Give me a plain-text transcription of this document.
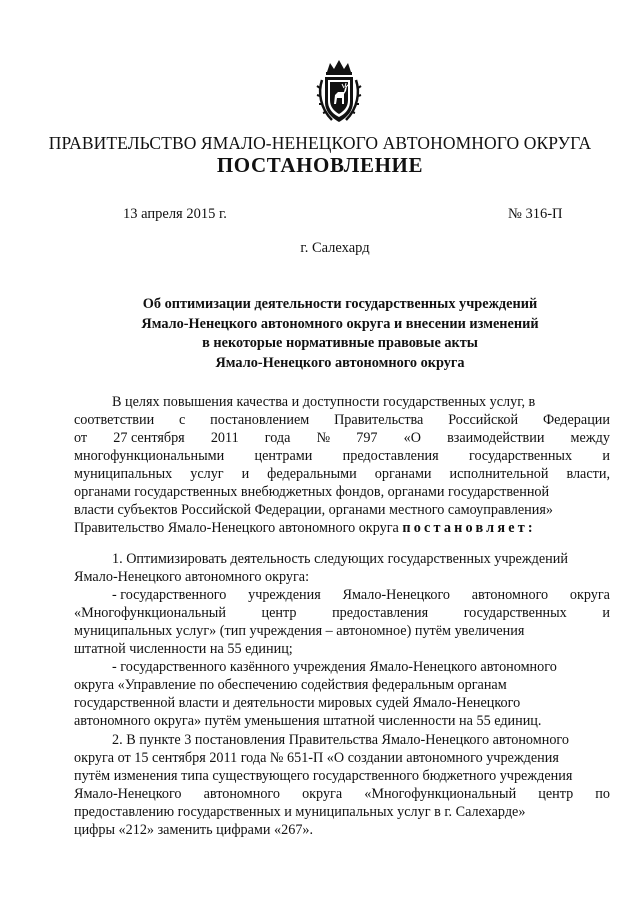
ПРАВИТЕЛЬСТВО ЯМАЛО-НЕНЕЦКОГО АВТОНОМНОГО ОКРУГА
ПОСТАНОВЛЕНИЕ
13 апреля 2015 г.	№ 316-П
г. Салехард
Об оптимизации деятельности государственных учреждений
Ямало-Ненецкого автономного округа и внесении изменений
в некоторые нормативные правовые акты
Ямало-Ненецкого автономного округа
В целях повышения качества и доступности государственных услуг, в
соответствии с постановлением Правительства Российской Федерации
от 27 сентября 2011 года № 797 «О взаимодействии между
многофункциональными центрами предоставления государственных и
муниципальных услуг и федеральными органами исполнительной власти,
органами государственных внебюджетных фондов, органами государственной
власти субъектов Российской Федерации, органами местного самоуправления»
Правительство Ямало-Ненецкого автономного округа постановляет:
1. Оптимизировать деятельность следующих государственных учреждений
Ямало-Ненецкого автономного округа:
- государственного учреждения Ямало-Ненецкого автономного округа
«Многофункциональный	центр	предоставления	государственных	и
муниципальных услуг» (тип учреждения – автономное) путём увеличения
штатной численности на 55 единиц;
- государственного казённого учреждения Ямало-Ненецкого автономного
округа «Управление по обеспечению содействия федеральным органам
государственной власти и деятельности мировых судей Ямало-Ненецкого
автономного округа» путём уменьшения штатной численности на 55 единиц.
2. В пункте 3 постановления Правительства Ямало-Ненецкого автономного
округа от 15 сентября 2011 года № 651-П «О создании автономного учреждения
путём изменения типа существующего государственного бюджетного учреждения
Ямало-Ненецкого автономного округа «Многофункциональный центр по
предоставлению государственных и муниципальных услуг в г. Салехарде»
цифры «212» заменить цифрами «267».
